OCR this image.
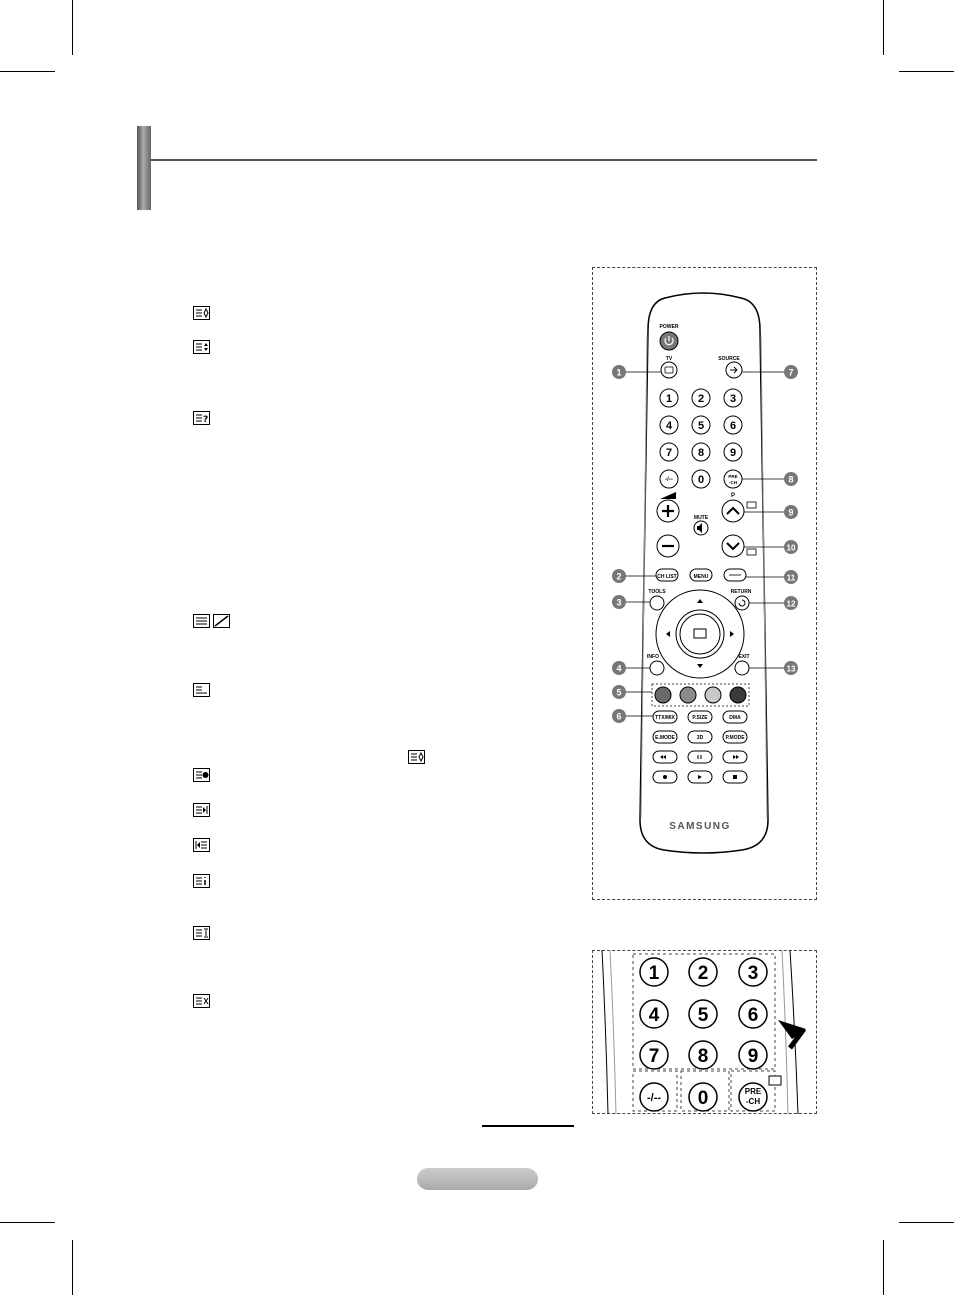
?
POWER
TV	SOURCE
1 2 3
4 5 6
7 8 9
0
-/--
PRE
-CH
MUTE
P
CH LIST	MENU
TOOLS	RETURN
INFO	EXIT
TTX/MIX	P.SIZE	DMA
E.MODE	3D	P.MODE
SAMSUNG
1
2
3
4
5
6
7
8
9
10
11
12
13
1 2 3
4 5 6
7 8 9
0
-/--
PRE
-CH
